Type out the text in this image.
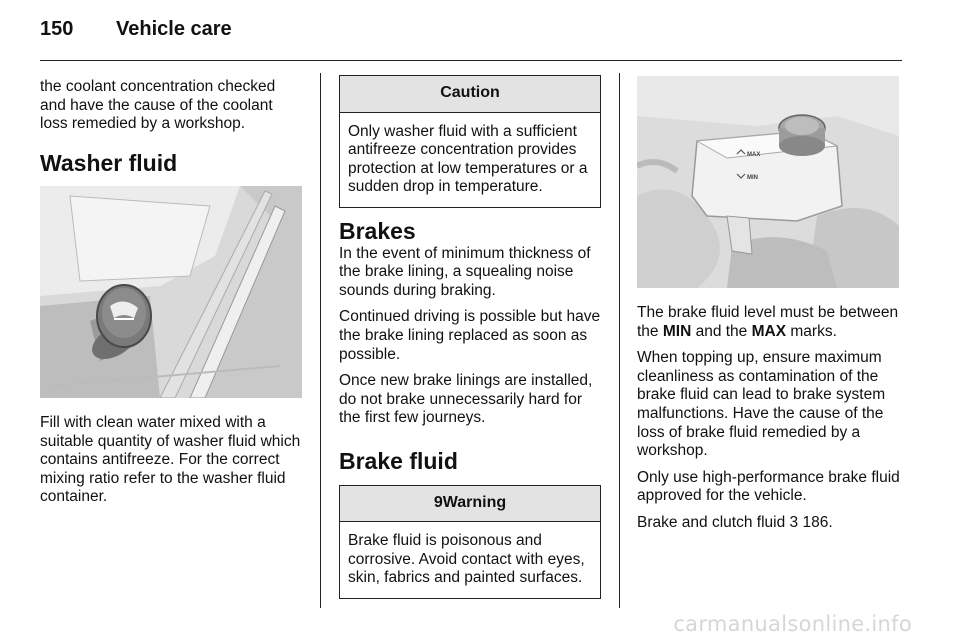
150 Vehicle care

the coolant concentration checked and have the cause of the coolant loss remedied by a workshop.

Washer fluid

Fill with clean water mixed with a suitable quantity of washer fluid which contains antifreeze. For the correct mixing ratio refer to the washer fluid container.

Caution
Only washer fluid with a sufficient antifreeze concentration provides protection at low temperatures or a sudden drop in temperature.

Brakes

In the event of minimum thickness of the brake lining, a squealing noise sounds during braking.

Continued driving is possible but have the brake lining replaced as soon as possible.

Once new brake linings are installed, do not brake unnecessarily hard for the first few journeys.

Brake fluid

9Warning
Brake fluid is poisonous and corrosive. Avoid contact with eyes, skin, fabrics and painted surfaces.
MAX
MIN

The brake fluid level must be between the MIN and the MAX marks.

When topping up, ensure maximum cleanliness as contamination of the brake fluid can lead to brake system malfunctions. Have the cause of the loss of brake fluid remedied by a workshop.

Only use high-performance brake fluid approved for the vehicle.

Brake and clutch fluid 3 186.

carmanualsonline.info
